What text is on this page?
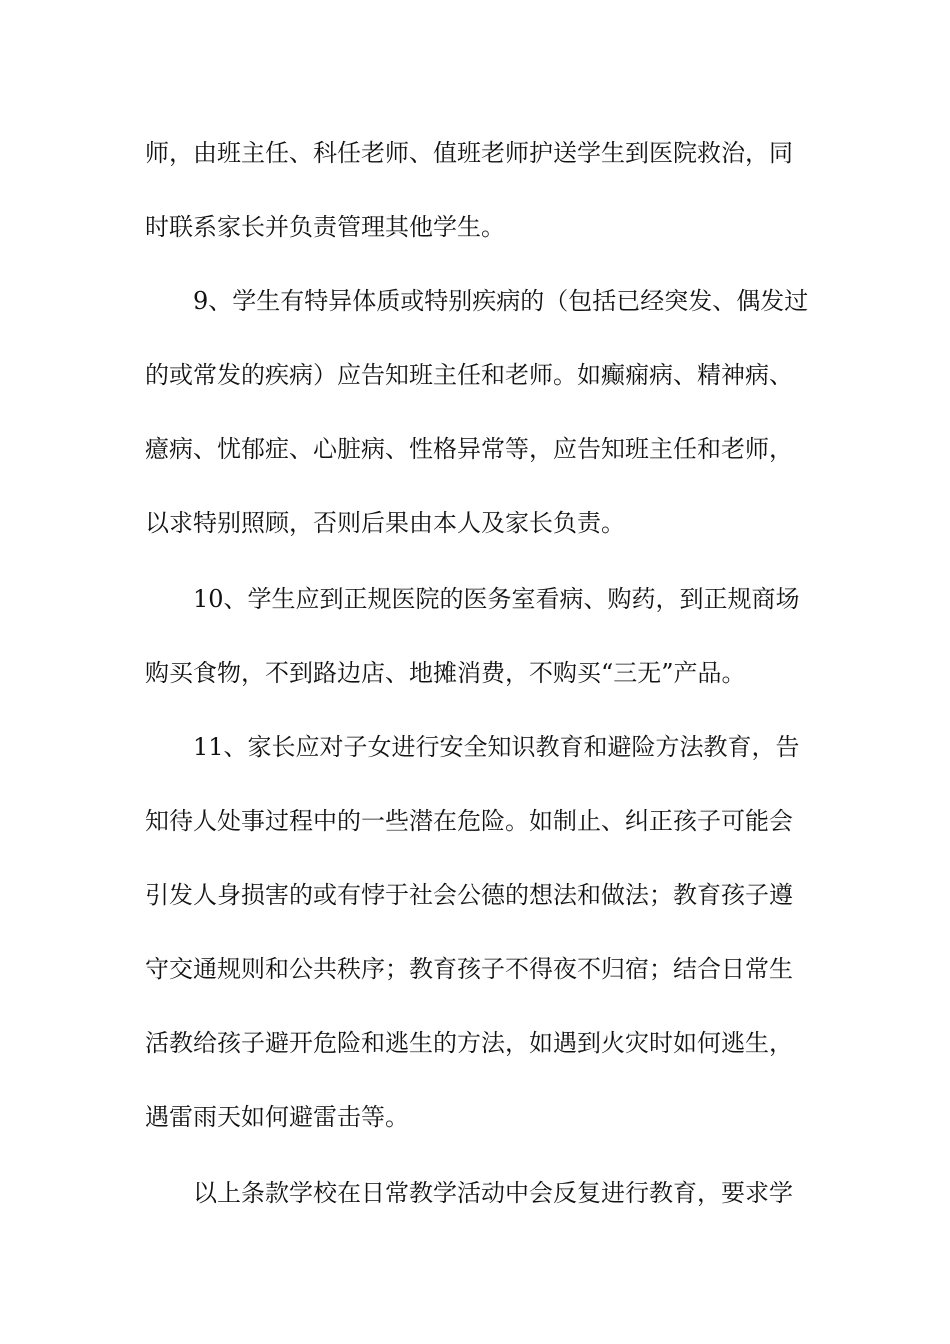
师，由班主任、科任老师、值班老师护送学生到医院救治，同
时联系家长并负责管理其他学生。
9、学生有特异体质或特别疾病的（包括已经突发、偶发过
的或常发的疾病）应告知班主任和老师。如癫痫病、精神病、
癔病、忧郁症、心脏病、性格异常等，应告知班主任和老师，
以求特别照顾，否则后果由本人及家长负责。
10、学生应到正规医院的医务室看病、购药，到正规商场
购买食物，不到路边店、地摊消费，不购买“三无”产品。
11、家长应对子女进行安全知识教育和避险方法教育，告
知待人处事过程中的一些潜在危险。如制止、纠正孩子可能会
引发人身损害的或有悖于社会公德的想法和做法；教育孩子遵
守交通规则和公共秩序；教育孩子不得夜不归宿；结合日常生
活教给孩子避开危险和逃生的方法，如遇到火灾时如何逃生，
遇雷雨天如何避雷击等。
以上条款学校在日常教学活动中会反复进行教育，要求学
